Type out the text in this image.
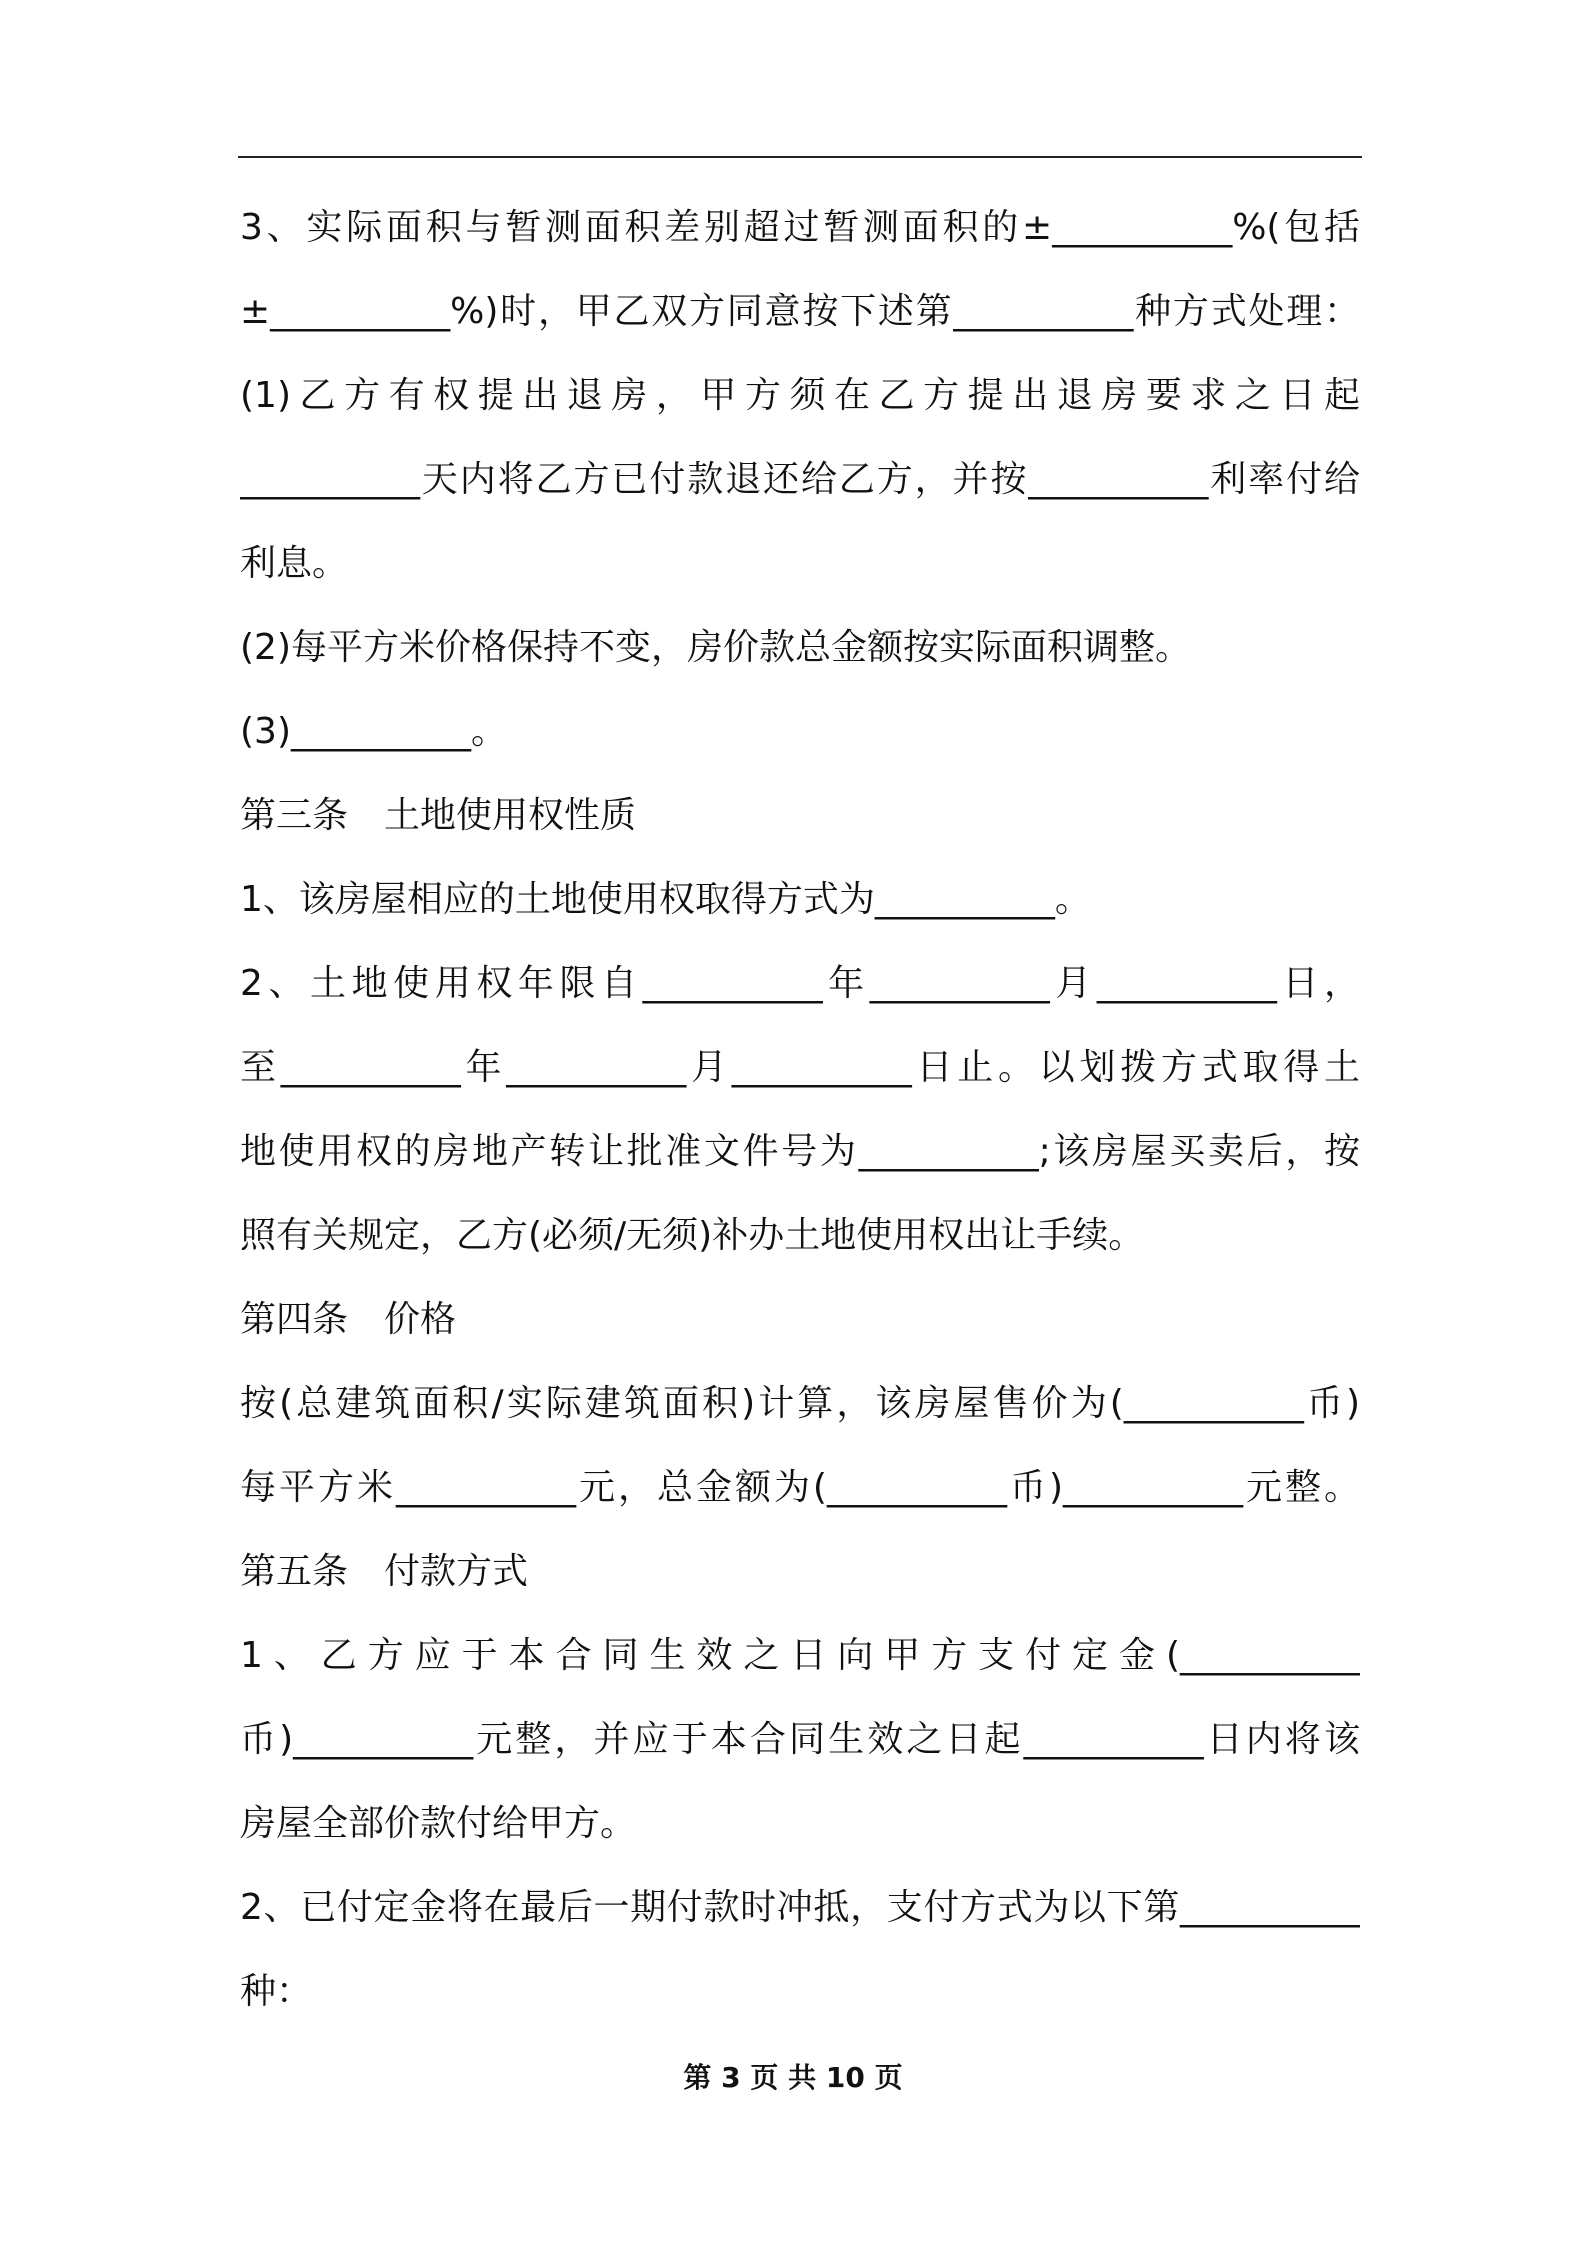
3、实际面积与暂测面积差别超过暂测面积的±__________%(包括
±__________%)时，甲乙双方同意按下述第__________种方式处理：
(1)乙方有权提出退房，甲方须在乙方提出退房要求之日起
__________天内将乙方已付款退还给乙方，并按__________利率付给
利息。
(2)每平方米价格保持不变，房价款总金额按实际面积调整。
(3)__________。
第三条　土地使用权性质
1、该房屋相应的土地使用权取得方式为__________。
2、土地使用权年限自__________年__________月__________日，
至__________年__________月__________日止。以划拨方式取得土
地使用权的房地产转让批准文件号为__________;该房屋买卖后，按
照有关规定，乙方(必须/无须)补办土地使用权出让手续。
第四条　价格
按(总建筑面积/实际建筑面积)计算，该房屋售价为(__________币)
每平方米__________元，总金额为(__________币)__________元整。
第五条　付款方式
1、乙方应于本合同生效之日向甲方支付定金(__________
币)__________元整，并应于本合同生效之日起__________日内将该
房屋全部价款付给甲方。
2、已付定金将在最后一期付款时冲抵，支付方式为以下第__________
种：
第 3 页 共 10 页
